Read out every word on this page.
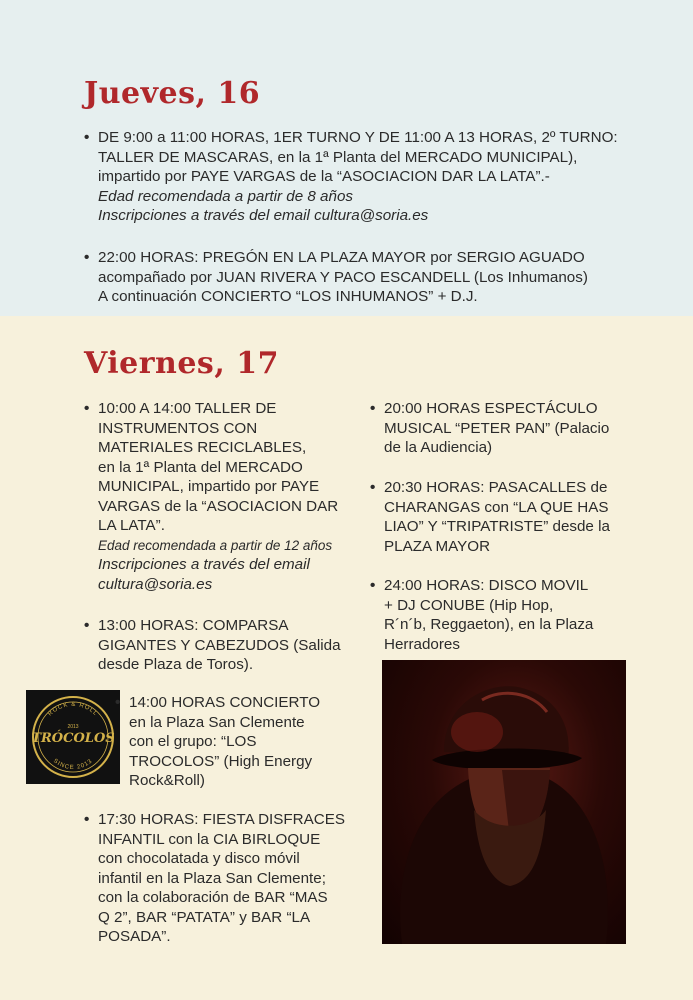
Jueves, 16
• DE 9:00 a 11:00 HORAS, 1ER TURNO Y DE 11:00 A 13 HORAS, 2º TURNO:

TALLER DE MASCARAS, en la 1ª Planta del MERCADO MUNICIPAL),

impartido por PAYE VARGAS de la “ASOCIACION DAR LA LATA”.-

Edad recomendada a partir de 8 años

Inscripciones a través del email cultura@soria.es

• 22:00 HORAS: PREGÓN EN LA PLAZA MAYOR por SERGIO AGUADO

acompañado por JUAN RIVERA Y PACO ESCANDELL (Los Inhumanos)

A continuación CONCIERTO “LOS INHUMANOS” + D.J.

Viernes, 17
• 10:00 A 14:00 TALLER DE

INSTRUMENTOS CON

MATERIALES RECICLABLES,

en la 1ª Planta del MERCADO

MUNICIPAL, impartido por PAYE

VARGAS de la “ASOCIACION DAR

LA LATA”.

Edad recomendada a partir de 12 años

Inscripciones a través del email

cultura@soria.es

• 13:00 HORAS: COMPARSA

GIGANTES Y CABEZUDOS (Salida

desde Plaza de Toros).

ROCK & ROLL
SINCE 2013
2013
TRÓCOLOS
• 14:00 HORAS CONCIERTO

en la Plaza San Clemente

con el grupo: “LOS

TROCOLOS” (High Energy

Rock&Roll)

• 17:30 HORAS: FIESTA DISFRACES

INFANTIL con la CIA BIRLOQUE

con chocolatada y disco móvil

infantil en la Plaza San Clemente;

con la colaboración de BAR “MAS

Q 2”, BAR “PATATA” y BAR “LA

POSADA”.

• 20:00 HORAS ESPECTÁCULO

MUSICAL “PETER PAN” (Palacio

de la Audiencia)

• 20:30 HORAS: PASACALLES de

CHARANGAS con “LA QUE HAS

LIAO” Y “TRIPATRISTE” desde la

PLAZA MAYOR

• 24:00 HORAS: DISCO MOVIL

+ DJ CONUBE (Hip Hop,

R´n´b, Reggaeton), en la Plaza

Herradores
